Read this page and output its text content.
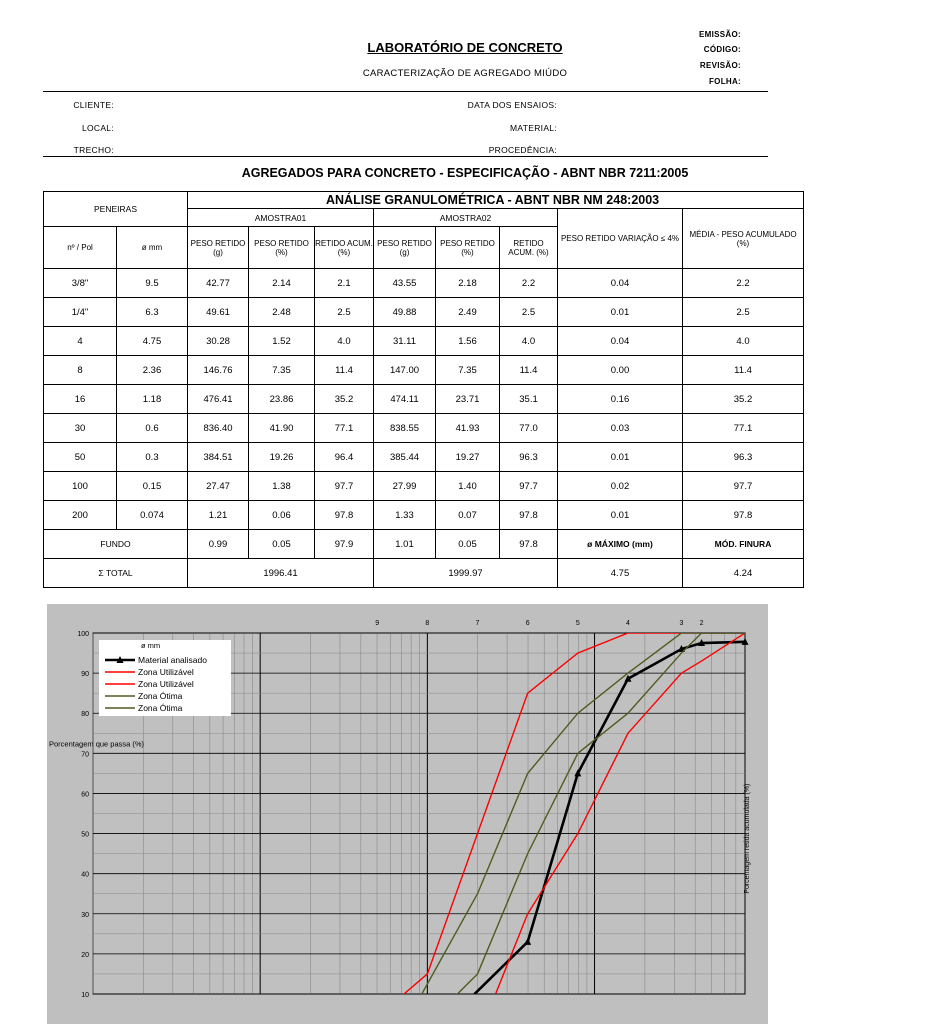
LABORATÓRIO DE CONCRETO
CARACTERIZAÇÃO DE AGREGADO MIÚDO
EMISSÃO:
CÓDIGO:
REVISÃO:
FOLHA:
CLIENTE:
LOCAL:
TRECHO:
DATA DOS ENSAIOS:
MATERIAL:
PROCEDÊNCIA:
AGREGADOS PARA CONCRETO - ESPECIFICAÇÃO - ABNT NBR 7211:2005
PENEIRAS		ANÁLISE GRANULOMÉTRICA - ABNT NBR NM 248:2003							
		AMOSTRA01			AMOSTRA02			PESO RETIDO VARIAÇÃO ≤ 4%	MÉDIA - PESO ACUMULADO (%)
nº / Pol	ø mm	PESO RETIDO (g)	PESO RETIDO (%)	RETIDO ACUM. (%)	PESO RETIDO (g)	PESO RETIDO (%)	RETIDO ACUM. (%)		
3/8"	9.5	42.77	2.14	2.1	43.55	2.18	2.2	0.04	2.2
1/4"	6.3	49.61	2.48	2.5	49.88	2.49	2.5	0.01	2.5
4	4.75	30.28	1.52	4.0	31.11	1.56	4.0	0.04	4.0
8	2.36	146.76	7.35	11.4	147.00	7.35	11.4	0.00	11.4
16	1.18	476.41	23.86	35.2	474.11	23.71	35.1	0.16	35.2
30	0.6	836.40	41.90	77.1	838.55	41.93	77.0	0.03	77.1
50	0.3	384.51	19.26	96.4	385.44	19.27	96.3	0.01	96.3
100	0.15	27.47	1.38	97.7	27.99	1.40	97.7	0.02	97.7
200	0.074	1.21	0.06	97.8	1.33	0.07	97.8	0.01	97.8
FUNDO		0.99	0.05	97.9	1.01	0.05	97.8	ø MÁXIMO (mm)	MÓD. FINURA
Σ TOTAL		1996.41			1999.97			4.75	4.24
10
20
30
40
50
60
70
80
90
100
9	8	7	6	5	4	3 2
Porcentagem que passa (%)
Porcentagem retida acumulada (%)
ø mm
Material analisado
Zona Utilizável
Zona Utilizável
Zona Ótima
Zona Ótima
